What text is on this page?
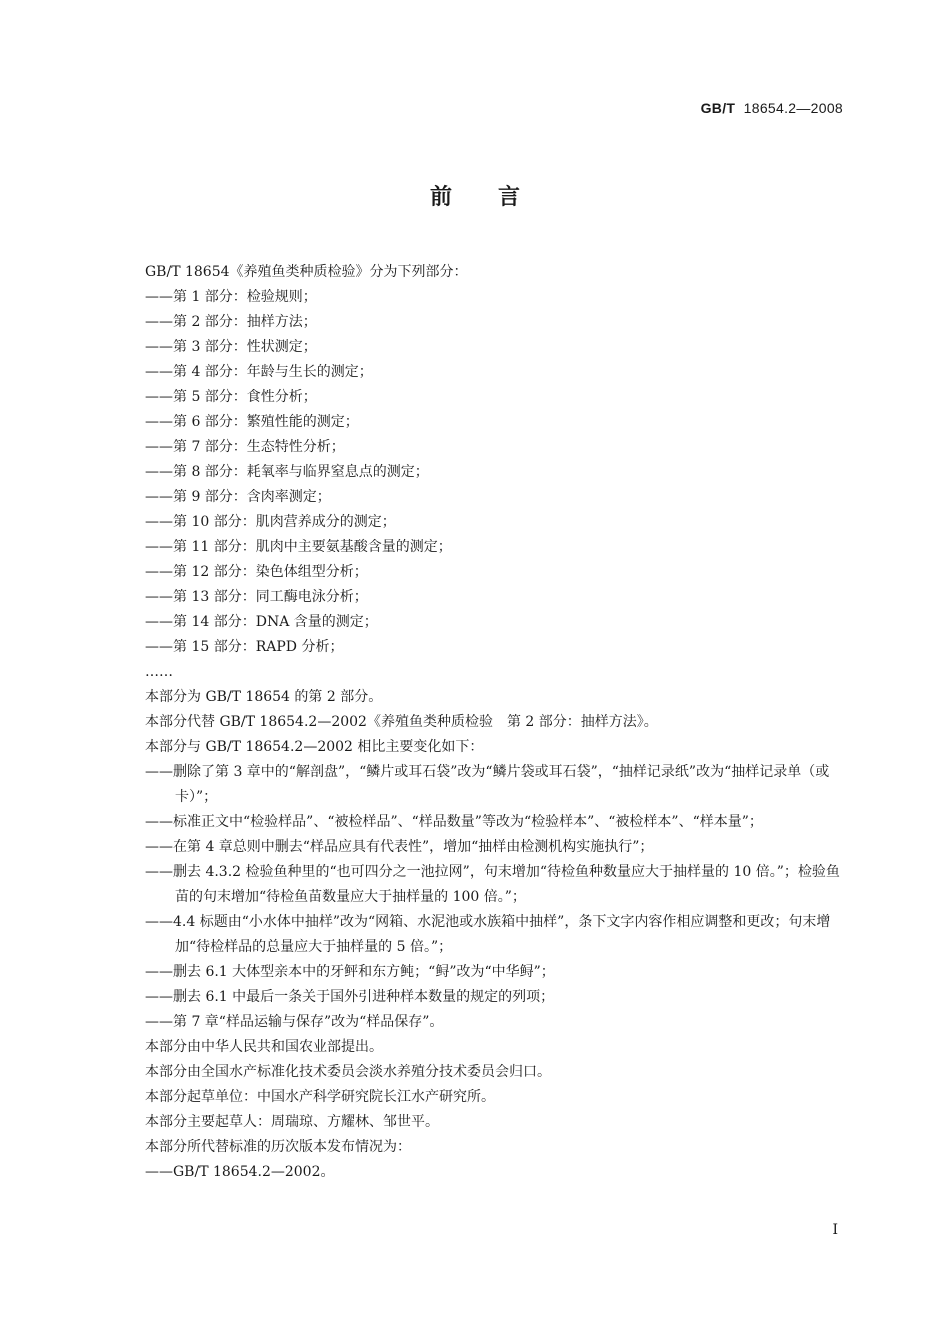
GB/T 18654.2—2008
前言
GB/T 18654《养殖鱼类种质检验》分为下列部分：
——第 1 部分：检验规则；
——第 2 部分：抽样方法；
——第 3 部分：性状测定；
——第 4 部分：年龄与生长的测定；
——第 5 部分：食性分析；
——第 6 部分：繁殖性能的测定；
——第 7 部分：生态特性分析；
——第 8 部分：耗氧率与临界窒息点的测定；
——第 9 部分：含肉率测定；
——第 10 部分：肌肉营养成分的测定；
——第 11 部分：肌肉中主要氨基酸含量的测定；
——第 12 部分：染色体组型分析；
——第 13 部分：同工酶电泳分析；
——第 14 部分：DNA 含量的测定；
——第 15 部分：RAPD 分析；
……
本部分为 GB/T 18654 的第 2 部分。
本部分代替 GB/T 18654.2—2002《养殖鱼类种质检验　第 2 部分：抽样方法》。
本部分与 GB/T 18654.2—2002 相比主要变化如下：
——删除了第 3 章中的“解剖盘”，“鳞片或耳石袋”改为“鳞片袋或耳石袋”，“抽样记录纸”改为“抽样记录单（或卡）”；
——标准正文中“检验样品”、“被检样品”、“样品数量”等改为“检验样本”、“被检样本”、“样本量”；
——在第 4 章总则中删去“样品应具有代表性”，增加“抽样由检测机构实施执行”；
——删去 4.3.2 检验鱼种里的“也可四分之一池拉网”，句末增加“待检鱼种数量应大于抽样量的 10 倍。”；检验鱼苗的句末增加“待检鱼苗数量应大于抽样量的 100 倍。”；
——4.4 标题由“小水体中抽样”改为“网箱、水泥池或水族箱中抽样”，条下文字内容作相应调整和更改；句末增加“待检样品的总量应大于抽样量的 5 倍。”；
——删去 6.1 大体型亲本中的牙鲆和东方鲀；“鲟”改为“中华鲟”；
——删去 6.1 中最后一条关于国外引进种样本数量的规定的列项；
——第 7 章“样品运输与保存”改为“样品保存”。
本部分由中华人民共和国农业部提出。
本部分由全国水产标准化技术委员会淡水养殖分技术委员会归口。
本部分起草单位：中国水产科学研究院长江水产研究所。
本部分主要起草人：周瑞琼、方耀林、邹世平。
本部分所代替标准的历次版本发布情况为：
——GB/T 18654.2—2002。
I
